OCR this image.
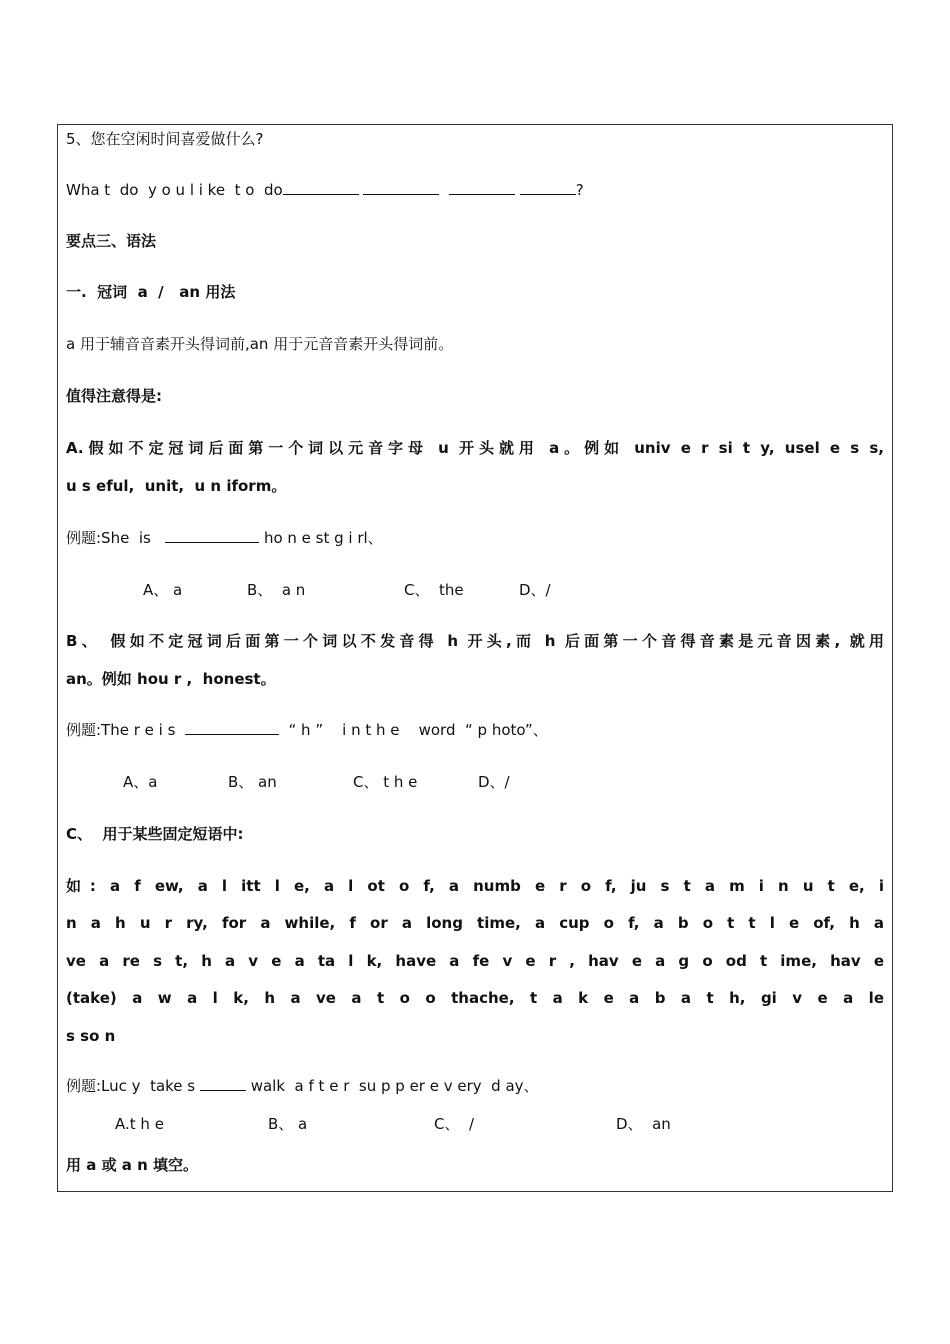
5、您在空闲时间喜爱做什么?
Wha t  do  y o u l i ke  t o  do	?
要点三、语法
一.  冠词  a  /   an 用法
a 用于辅音音素开头得词前,an 用于元音音素开头得词前。
值得注意得是:
A.假如不定冠词后面第一个词以元音字母 u 开头就用 a。例如 univ e r si t y, usel e s s,
u s eful,  unit,  u n iform。
例题:She  is	ho n e st g i rl、
A、 a	B、  a n	C、  the	D、/
B、 假如不定冠词后面第一个词以不发音得 h 开头,而 h 后面第一个音得音素是元音因素, 就用
an。例如 hou r ,  honest。
例题:The r e i s	“ h ”    i n t h e    word  “ p hoto”、
A、a	B、 an	C、 t h e	D、/
C、  用于某些固定短语中:
如: a f ew, a l itt l e, a l ot o f, a numb e r o f, ju s t a m i n u t e, i
n a h u r ry, for a while, f or a long time, a cup o f, a b o t t l e of, h a
ve a re s t, h a v e a ta l k, have a fe v e r , hav e a g o od t ime, hav e
(take) a w a l k, h a ve a t o o thache, t a k e a b a t h, gi v e a le
s so n
例题:Luc y  take s	walk  a f t e r  su p p er e v ery  d ay、
A.t h e	B、 a	C、  /	D、  an
用 a 或 a n 填空。
